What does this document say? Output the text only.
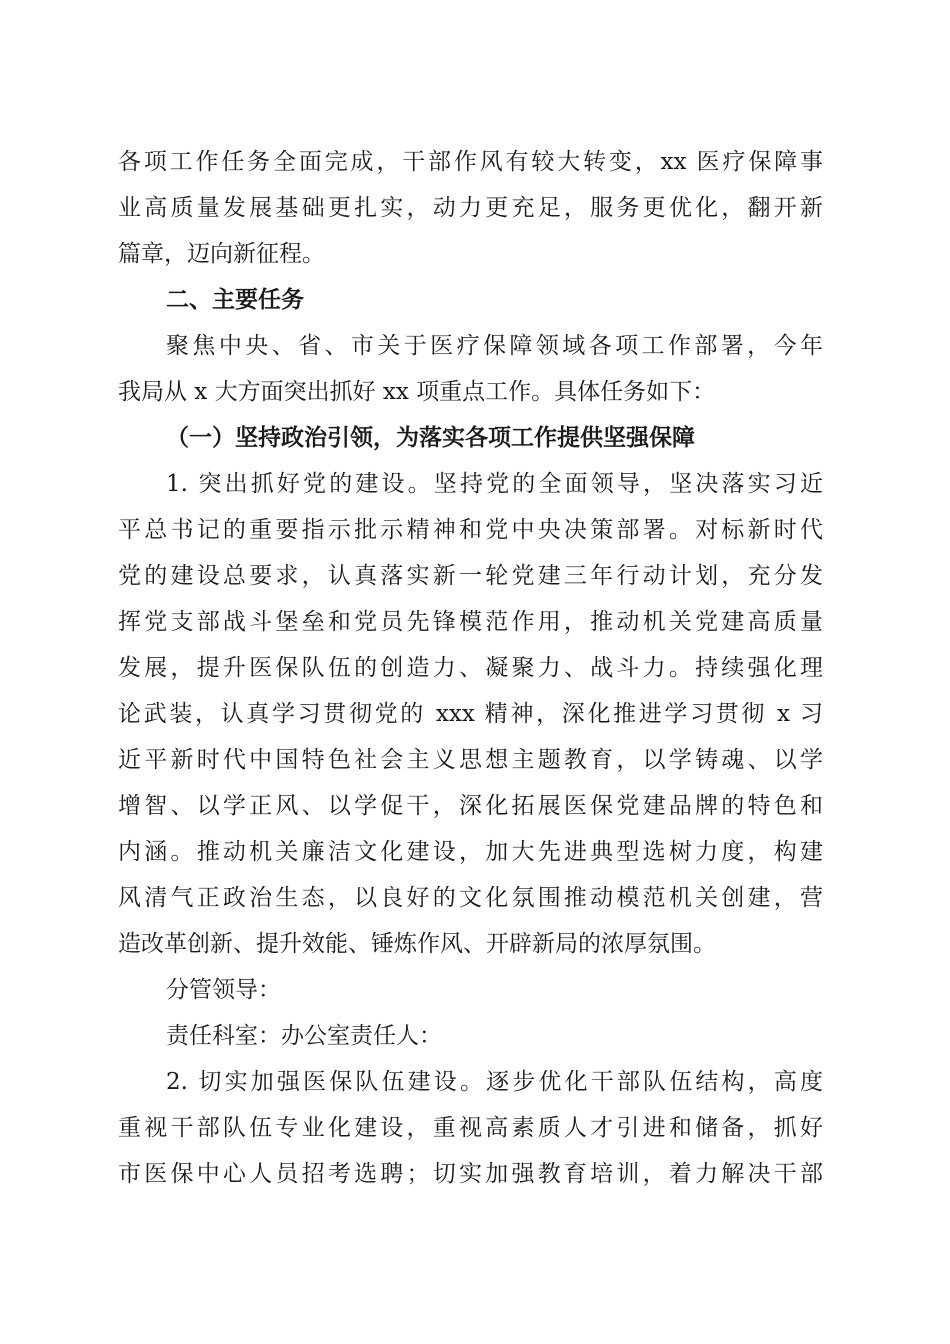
各项工作任务全面完成，干部作风有较大转变，xx 医疗保障事
业高质量发展基础更扎实，动力更充足，服务更优化，翻开新
篇章，迈向新征程。
二、主要任务
聚焦中央、省、市关于医疗保障领域各项工作部署，今年
我局从 x 大方面突出抓好 xx 项重点工作。具体任务如下：
（一）坚持政治引领，为落实各项工作提供坚强保障
1. 突出抓好党的建设。坚持党的全面领导，坚决落实习近
平总书记的重要指示批示精神和党中央决策部署。对标新时代
党的建设总要求，认真落实新一轮党建三年行动计划，充分发
挥党支部战斗堡垒和党员先锋模范作用，推动机关党建高质量
发展，提升医保队伍的创造力、凝聚力、战斗力。持续强化理
论武装，认真学习贯彻党的 xxx 精神，深化推进学习贯彻 x 习
近平新时代中国特色社会主义思想主题教育，以学铸魂、以学
增智、以学正风、以学促干，深化拓展医保党建品牌的特色和
内涵。推动机关廉洁文化建设，加大先进典型选树力度，构建
风清气正政治生态，以良好的文化氛围推动模范机关创建，营
造改革创新、提升效能、锤炼作风、开辟新局的浓厚氛围。
分管领导：
责任科室：办公室责任人：
2. 切实加强医保队伍建设。逐步优化干部队伍结构，高度
重视干部队伍专业化建设，重视高素质人才引进和储备，抓好
市医保中心人员招考选聘；切实加强教育培训，着力解决干部
